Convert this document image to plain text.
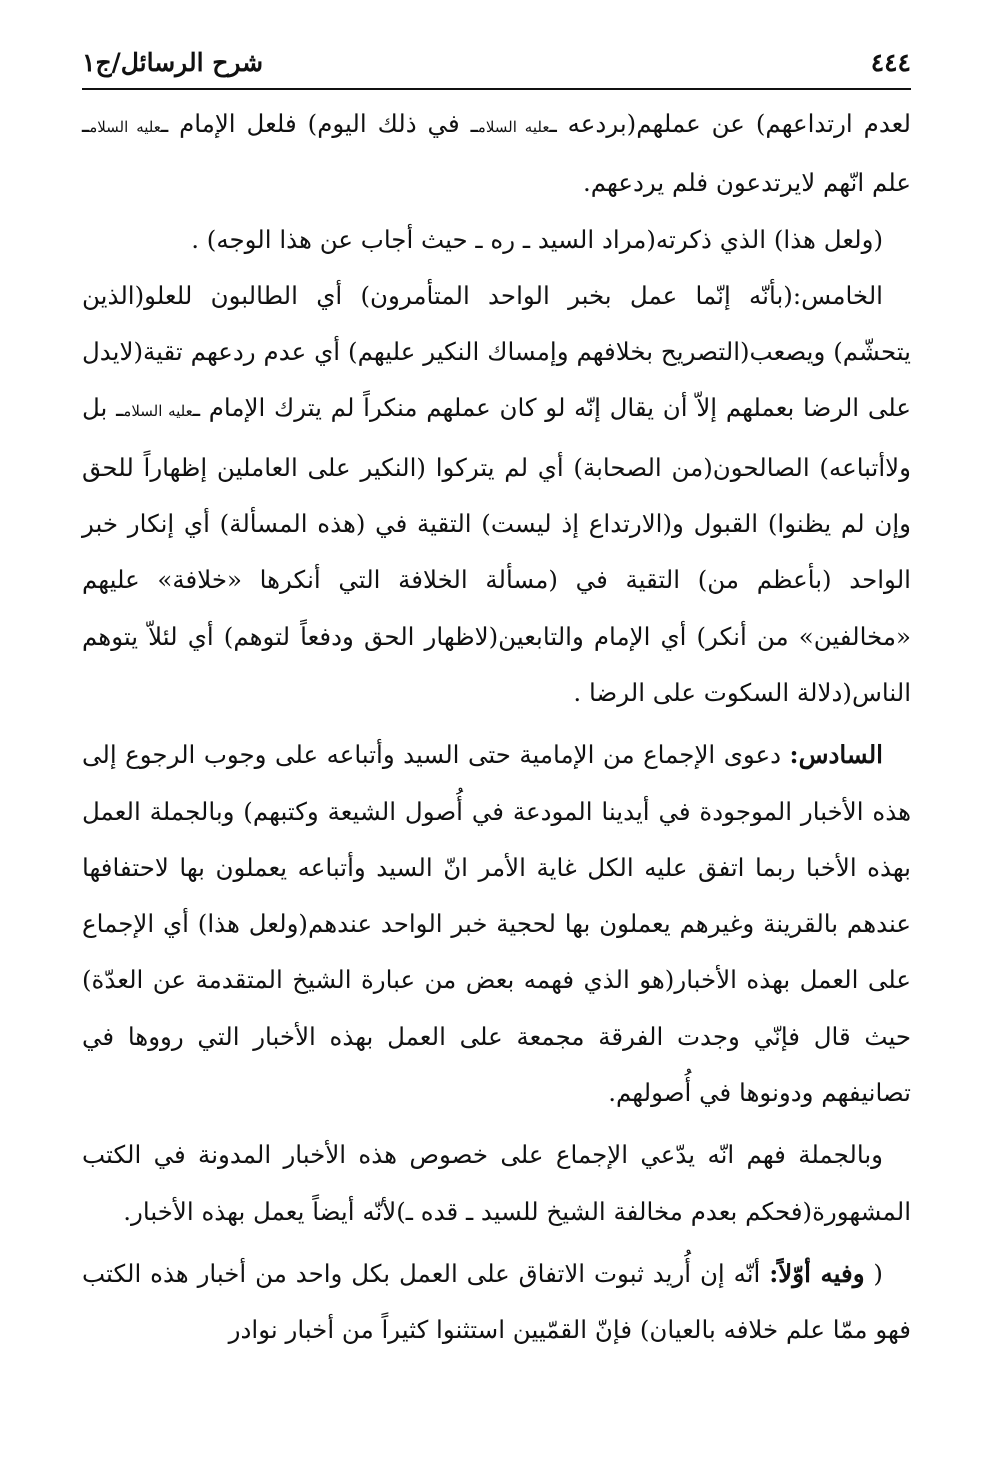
٤٤٤
شرح الرسائل/ج١

لعدم ارتداعهم) عن عملهم(بردعه ـعليه السلامـ في ذلك اليوم) فلعل الإمام ـعليه السلامـ علم انّهم لايرتدعون فلم يردعهم.

(ولعل هذا) الذي ذكرته(مراد السيد ـ ره ـ حيث أجاب عن هذا الوجه) .

الخامس:(بأنّه إنّما عمل بخبر الواحد المتأمرون) أي الطالبون للعلو(الذين يتحشّم) ويصعب(التصريح بخلافهم وإمساك النكير عليهم) أي عدم ردعهم تقية(لايدل على الرضا بعملهم إلاّ أن يقال إنّه لو كان عملهم منكراً لم يترك الإمام ـعليه السلامـ بل ولاأتباعه) الصالحون(من الصحابة) أي لم يتركوا (النكير على العاملين إظهاراً للحق وإن لم يظنوا) القبول و(الارتداع إذ ليست) التقية في (هذه المسألة) أي إنكار خبر الواحد (بأعظم من) التقية في (مسألة الخلافة التي أنكرها «خلافة» عليهم «مخالفين» من أنكر) أي الإمام والتابعين(لاظهار الحق ودفعاً لتوهم) أي لئلاّ يتوهم الناس(دلالة السكوت على الرضا .

السادس: دعوى الإجماع من الإمامية حتى السيد وأتباعه على وجوب الرجوع إلى هذه الأخبار الموجودة في أيدينا المودعة في أُصول الشيعة وكتبهم) وبالجملة العمل بهذه الأخبا ربما اتفق عليه الكل غاية الأمر انّ السيد وأتباعه يعملون بها لاحتفافها عندهم بالقرينة وغيرهم يعملون بها لحجية خبر الواحد عندهم(ولعل هذا) أي الإجماع على العمل بهذه الأخبار(هو الذي فهمه بعض من عبارة الشيخ المتقدمة عن العدّة) حيث قال فإنّي وجدت الفرقة مجمعة على العمل بهذه الأخبار التي رووها في تصانيفهم ودونوها في أُصولهم.

وبالجملة فهم انّه يدّعي الإجماع على خصوص هذه الأخبار المدونة في الكتب المشهورة(فحكم بعدم مخالفة الشيخ للسيد ـ قده ـ)لأنّه أيضاً يعمل بهذه الأخبار.

( وفيه أوّلاً: أنّه إن أُريد ثبوت الاتفاق على العمل بكل واحد من أخبار هذه الكتب فهو ممّا علم خلافه بالعيان) فإنّ القمّيين استثنوا كثيراً من أخبار نوادر
